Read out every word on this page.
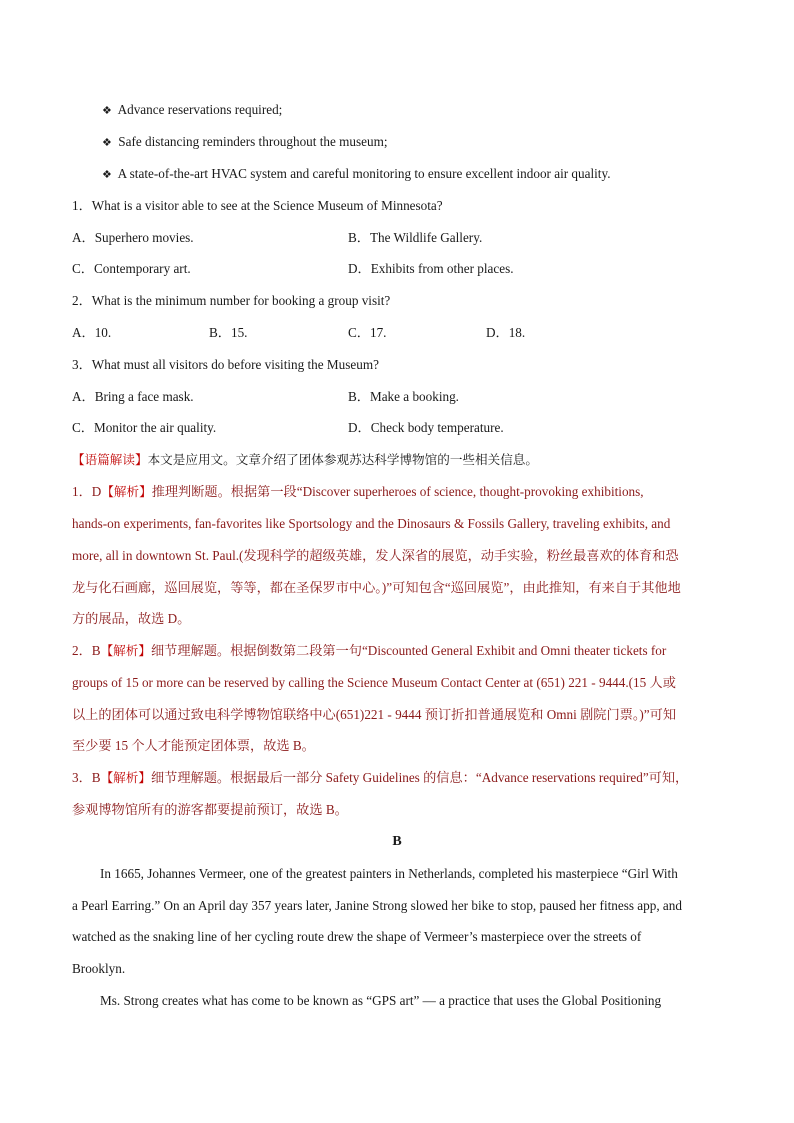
❖ Advance reservations required;
❖ Safe distancing reminders throughout the museum;
❖ A state-of-the-art HVAC system and careful monitoring to ensure excellent indoor air quality.
1．What is a visitor able to see at the Science Museum of Minnesota?
A．Superhero movies.	B．The Wildlife Gallery.
C．Contemporary art.	D．Exhibits from other places.
2．What is the minimum number for booking a group visit?
A．10.	B．15.	C．17.	D．18.
3．What must all visitors do before visiting the Museum?
A．Bring a face mask.	B．Make a booking.
C．Monitor the air quality.	D．Check body temperature.
【语篇解读】本文是应用文。文章介绍了团体参观苏达科学博物馆的一些相关信息。
1．D【解析】推理判断题。根据第一段“Discover superheroes of science, thought-provoking exhibitions,
hands-on experiments, fan-favorites like Sportsology and the Dinosaurs & Fossils Gallery, traveling exhibits, and
more, all in downtown St. Paul.(发现科学的超级英雄，发人深省的展览，动手实验，粉丝最喜欢的体育和恐
龙与化石画廊，巡回展览，等等，都在圣保罗市中心。)”可知包含“巡回展览”，由此推知，有来自于其他地
方的展品，故选 D。
2．B【解析】细节理解题。根据倒数第二段第一句“Discounted General Exhibit and Omni theater tickets for
groups of 15 or more can be reserved by calling the Science Museum Contact Center at (651) 221 - 9444.(15 人或
以上的团体可以通过致电科学博物馆联络中心(651)221 - 9444 预订折扣普通展览和 Omni 剧院门票。)”可知
至少要 15 个人才能预定团体票，故选 B。
3．B【解析】细节理解题。根据最后一部分 Safety Guidelines 的信息：“Advance reservations required”可知，
参观博物馆所有的游客都要提前预订，故选 B。
B
In 1665, Johannes Vermeer, one of the greatest painters in Netherlands, completed his masterpiece “Girl With
a Pearl Earring.” On an April day 357 years later, Janine Strong slowed her bike to stop, paused her fitness app, and
watched as the snaking line of her cycling route drew the shape of Vermeer’s masterpiece over the streets of
Brooklyn.
Ms. Strong creates what has come to be known as “GPS art” — a practice that uses the Global Positioning
